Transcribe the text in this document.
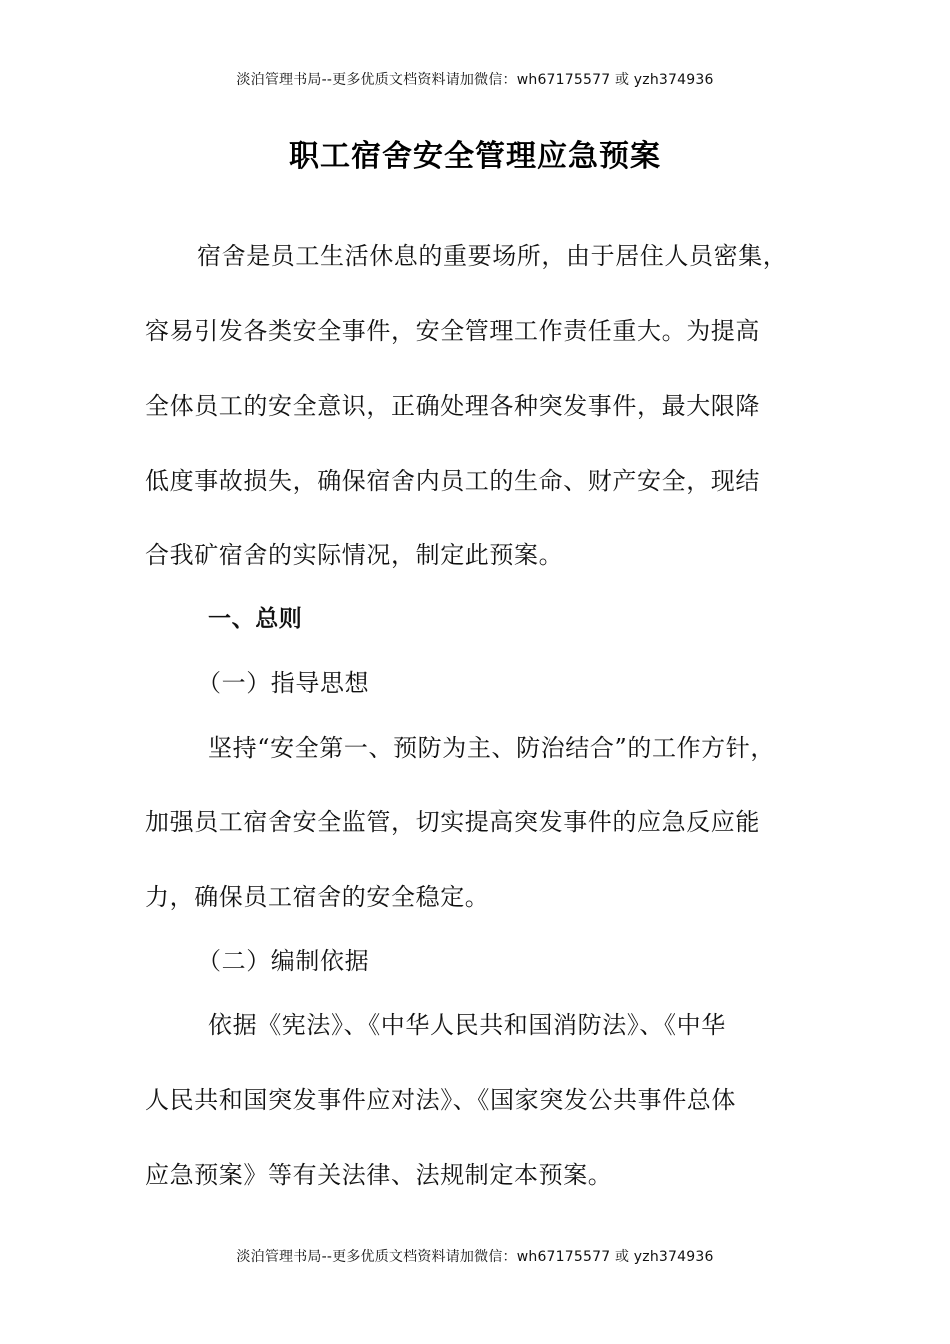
淡泊管理书局--更多优质文档资料请加微信：wh67175577 或 yzh374936
职工宿舍安全管理应急预案
宿舍是员工生活休息的重要场所，由于居住人员密集，
容易引发各类安全事件，安全管理工作责任重大。为提高
全体员工的安全意识，正确处理各种突发事件，最大限降
低度事故损失，确保宿舍内员工的生命、财产安全，现结
合我矿宿舍的实际情况，制定此预案。
一、总则
（一）指导思想
坚持“安全第一、预防为主、防治结合”的工作方针，
加强员工宿舍安全监管，切实提高突发事件的应急反应能
力，确保员工宿舍的安全稳定。
（二）编制依据
依据《宪法》、《中华人民共和国消防法》、《中华
人民共和国突发事件应对法》、《国家突发公共事件总体
应急预案》等有关法律、法规制定本预案。
淡泊管理书局--更多优质文档资料请加微信：wh67175577 或 yzh374936
